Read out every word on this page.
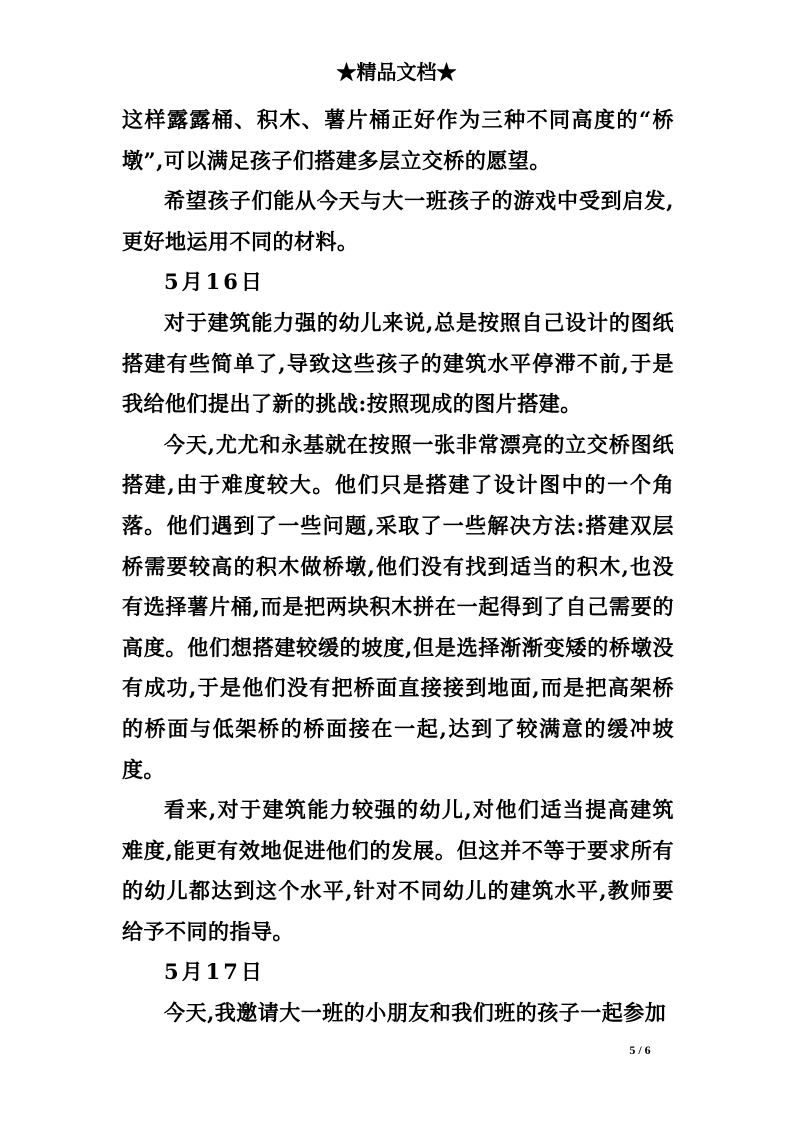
★精品文档★

这样露露桶、积木、薯片桶正好作为三种不同高度的“桥墩”,可以满足孩子们搭建多层立交桥的愿望。

希望孩子们能从今天与大一班孩子的游戏中受到启发,更好地运用不同的材料。

5月16日

对于建筑能力强的幼儿来说,总是按照自己设计的图纸搭建有些简单了,导致这些孩子的建筑水平停滞不前,于是我给他们提出了新的挑战:按照现成的图片搭建。

今天,尤尤和永基就在按照一张非常漂亮的立交桥图纸搭建,由于难度较大。他们只是搭建了设计图中的一个角落。他们遇到了一些问题,采取了一些解决方法:搭建双层桥需要较高的积木做桥墩,他们没有找到适当的积木,也没有选择薯片桶,而是把两块积木拼在一起得到了自己需要的高度。他们想搭建较缓的坡度,但是选择渐渐变矮的桥墩没有成功,于是他们没有把桥面直接接到地面,而是把高架桥的桥面与低架桥的桥面接在一起,达到了较满意的缓冲坡度。

看来,对于建筑能力较强的幼儿,对他们适当提高建筑难度,能更有效地促进他们的发展。但这并不等于要求所有的幼儿都达到这个水平,针对不同幼儿的建筑水平,教师要给予不同的指导。

5月17日

今天,我邀请大一班的小朋友和我们班的孩子一起参加

5 / 6
